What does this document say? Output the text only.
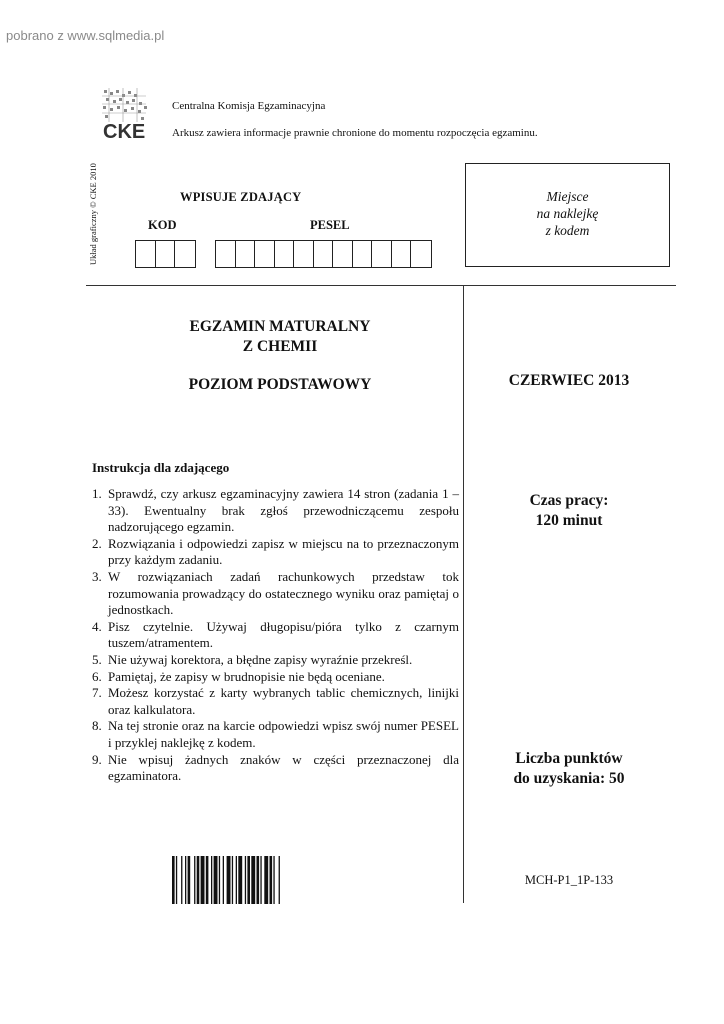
pobrano z www.sqlmedia.pl
CKE
Centralna Komisja Egzaminacyjna
Arkusz zawiera informacje prawnie chronione do momentu rozpoczęcia egzaminu.
Układ graficzny © CKE 2010	WPISUJE ZDAJĄCY
KOD	PESEL
Miejsce
na naklejkę
z kodem
EGZAMIN MATURALNY
Z CHEMII
POZIOM PODSTAWOWY	CZERWIEC 2013
Czas pracy:
120 minut
Liczba punktów
do uzyskania: 50
MCH-P1_1P-133
Instrukcja dla zdającego
1. Sprawdź, czy arkusz egzaminacyjny zawiera 14 stron (zadania 1 – 33). Ewentualny brak zgłoś przewodniczącemu zespołu nadzorującego egzamin.
2. Rozwiązania i odpowiedzi zapisz w miejscu na to przeznaczonym przy każdym zadaniu.
3. W rozwiązaniach zadań rachunkowych przedstaw tok rozumowania prowadzący do ostatecznego wyniku oraz pamiętaj o jednostkach.
4. Pisz czytelnie. Używaj długopisu/pióra tylko z czarnym tuszem/atramentem.
5. Nie używaj korektora, a błędne zapisy wyraźnie przekreśl.
6. Pamiętaj, że zapisy w brudnopisie nie będą oceniane.
7. Możesz korzystać z karty wybranych tablic chemicznych, linijki oraz kalkulatora.
8. Na tej stronie oraz na karcie odpowiedzi wpisz swój numer PESEL i przyklej naklejkę z kodem.
9. Nie wpisuj żadnych znaków w części przeznaczonej dla egzaminatora.
